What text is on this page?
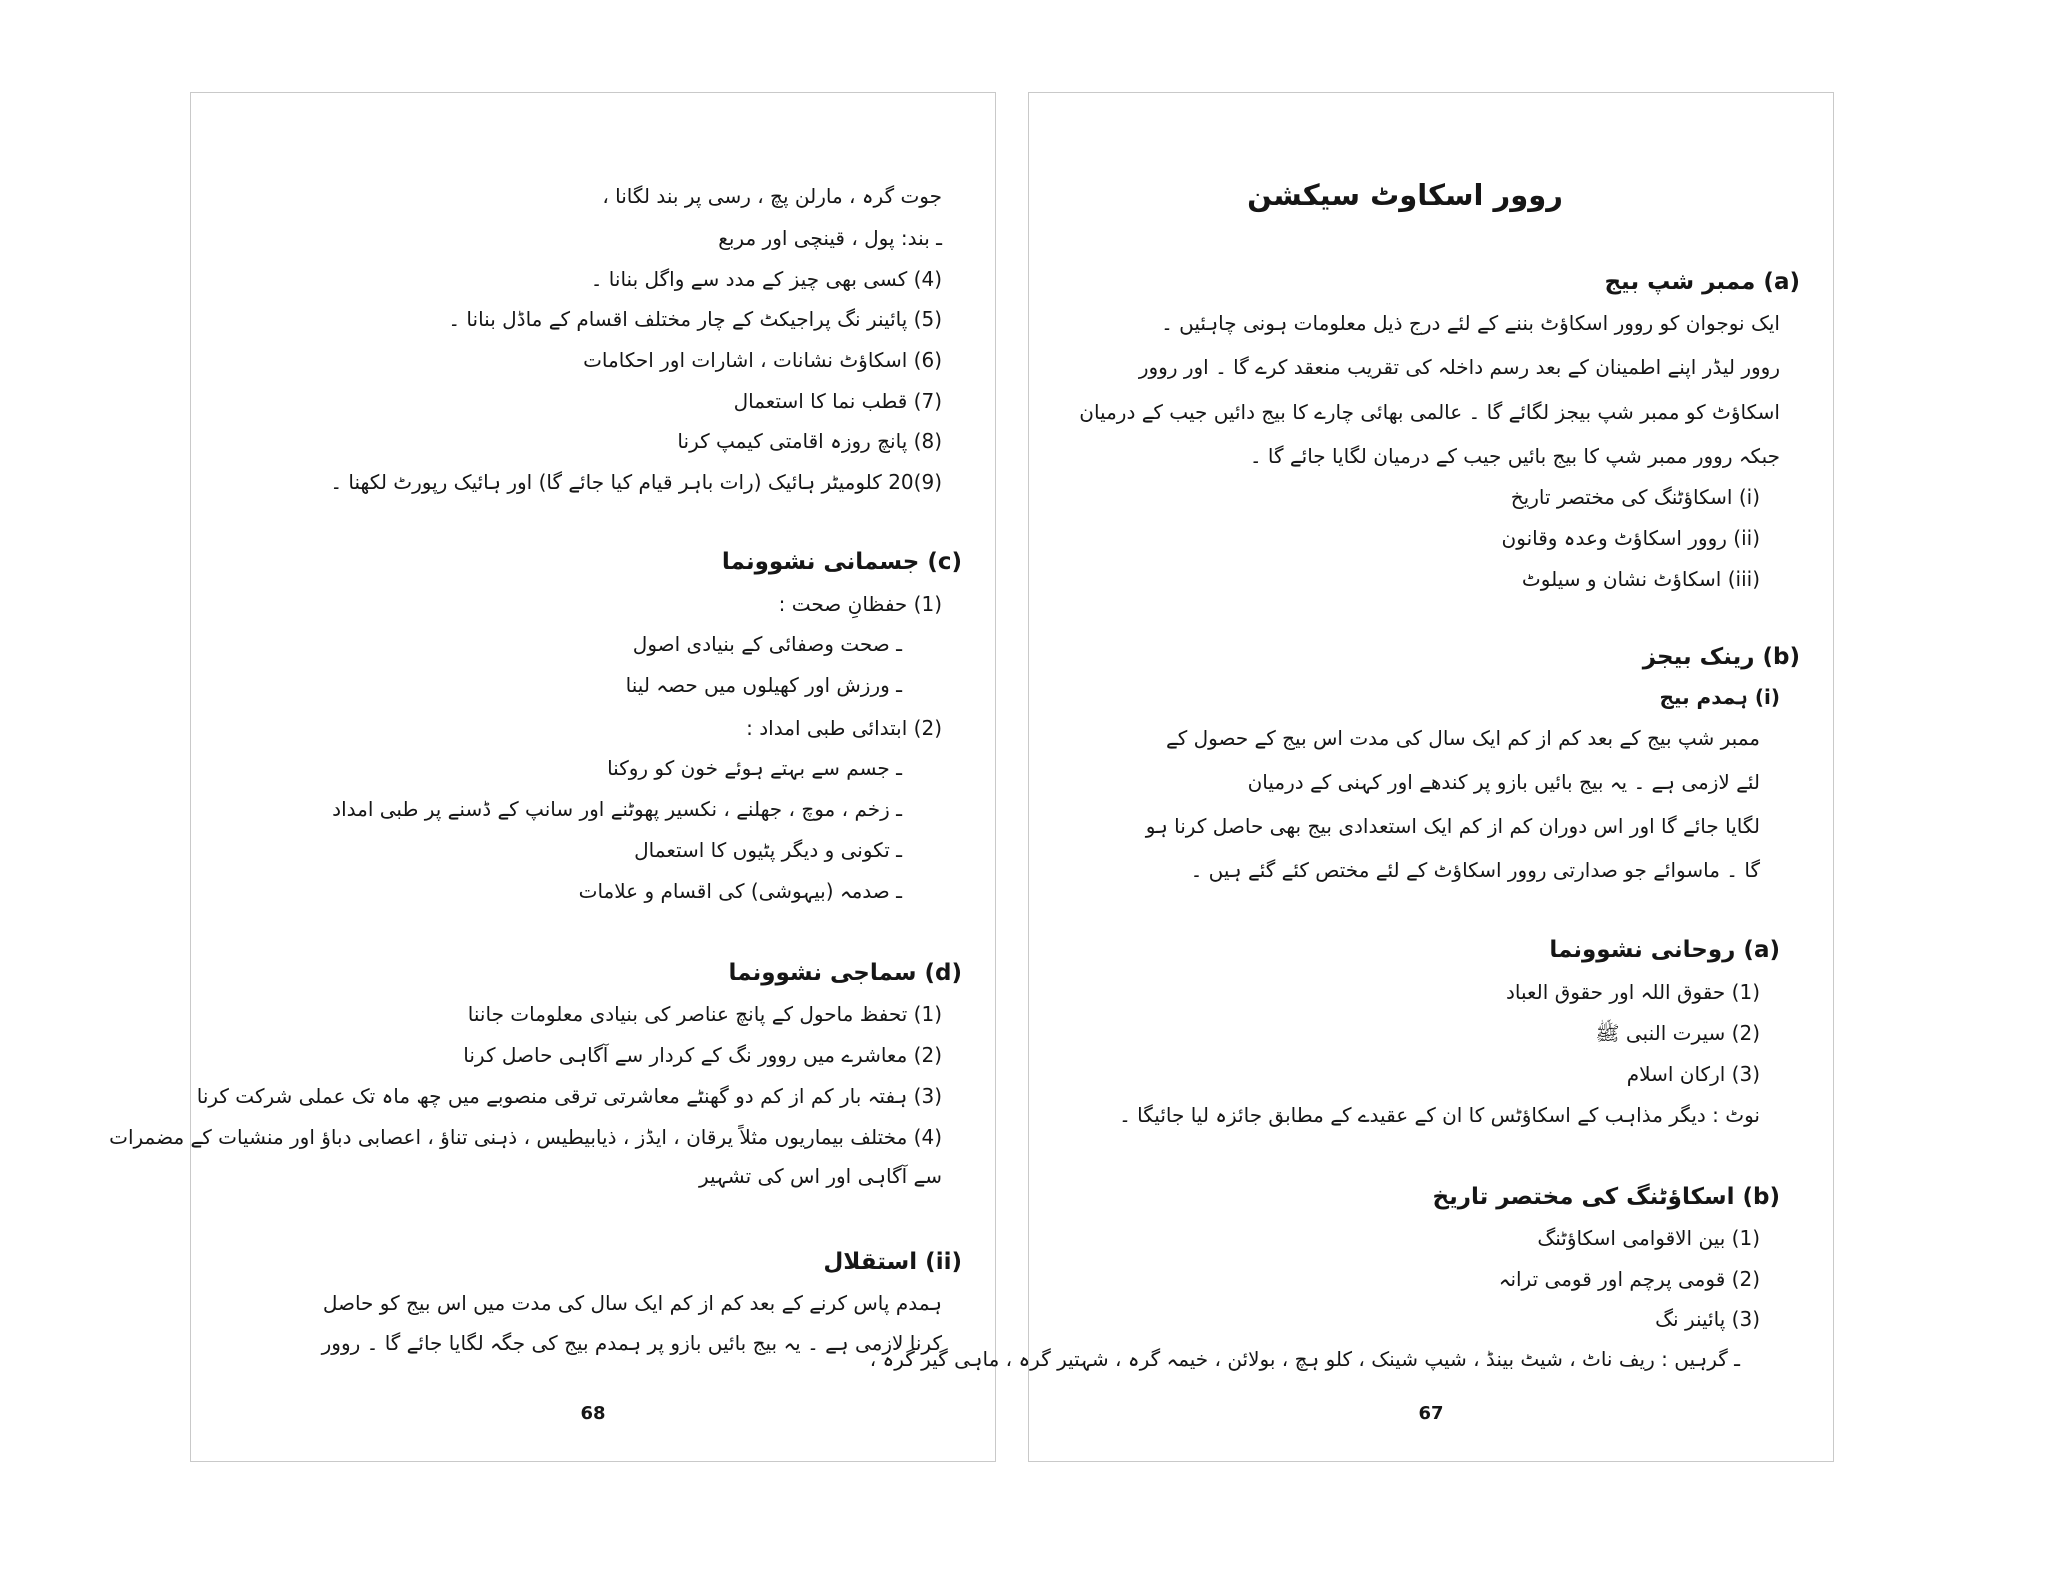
جوت گرہ ، مارلن پچ ، رسی پر بند لگانا ،
ـ بند: پول ، قینچی اور مربع
(4) کسی بھی چیز کے مدد سے واگل بنانا ۔
(5) پائینر نگ پراجیکٹ کے چار مختلف اقسام کے ماڈل بنانا ۔
(6) اسکاؤٹ نشانات ، اشارات اور احکامات
(7) قطب نما کا استعمال
(8) پانچ روزہ اقامتی کیمپ کرنا
(9)20 کلومیٹر ہائیک (رات باہر قیام کیا جائے گا) اور ہائیک رپورٹ لکھنا ۔
(c) جسمانی نشوونما
(1) حفظانِ صحت :
ـ صحت وصفائی کے بنیادی اصول
ـ ورزش اور کھیلوں میں حصہ لینا
(2) ابتدائی طبی امداد :
ـ جسم سے بہتے ہوئے خون کو روکنا
ـ زخم ، موچ ، جھلنے ، نکسیر پھوٹنے اور سانپ کے ڈسنے پر طبی امداد
ـ تکونی و دیگر پٹیوں کا استعمال
ـ صدمہ (بیہوشی) کی اقسام و علامات
(d) سماجی نشوونما
(1) تحفظ ماحول کے پانچ عناصر کی بنیادی معلومات جاننا
(2) معاشرے میں روور نگ کے کردار سے آگاہی حاصل کرنا
(3) ہفتہ بار کم از کم دو گھنٹے معاشرتی ترقی منصوبے میں چھ ماہ تک عملی شرکت کرنا
(4) مختلف بیماریوں مثلاً یرقان ، ایڈز ، ذیابیطیس ، ذہنی تناؤ ، اعصابی دباؤ اور منشیات کے مضمرات
سے آگاہی اور اس کی تشہیر
(ii) استقلال
ہمدم پاس کرنے کے بعد کم از کم ایک سال کی مدت میں اس بیج کو حاصل
کرنا لازمی ہے ۔ یہ بیج بائیں بازو پر ہمدم بیج کی جگہ لگایا جائے گا ۔ روور
68
روور اسکاوٹ سیکشن
(a) ممبر شپ بیج
ایک نوجوان کو روور اسکاؤٹ بننے کے لئے درج ذیل معلومات ہونی چاہئیں ۔
روور لیڈر اپنے اطمینان کے بعد رسم داخلہ کی تقریب منعقد کرے گا ۔ اور روور
اسکاؤٹ کو ممبر شپ بیجز لگائے گا ۔ عالمی بھائی چارے کا بیج دائیں جیب کے درمیان
جبکہ روور ممبر شپ کا بیج بائیں جیب کے درمیان لگایا جائے گا ۔
(i) اسکاؤٹنگ کی مختصر تاریخ
(ii) روور اسکاؤٹ وعدہ وقانون
(iii) اسکاؤٹ نشان و سیلوٹ
(b) رینک بیجز
(i) ہمدم بیج
ممبر شپ بیج کے بعد کم از کم ایک سال کی مدت اس بیج کے حصول کے
لئے لازمی ہے ۔ یہ بیج بائیں بازو پر کندھے اور کہنی کے درمیان
لگایا جائے گا اور اس دوران کم از کم ایک استعدادی بیج بھی حاصل کرنا ہو
گا ۔ ماسوائے جو صدارتی روور اسکاؤٹ کے لئے مختص کئے گئے ہیں ۔
(a) روحانی نشوونما
(1) حقوق اللہ اور حقوق العباد
(2) سیرت النبی ﷺ
(3) ارکان اسلام
نوٹ : دیگر مذاہب کے اسکاؤٹس کا ان کے عقیدے کے مطابق جائزہ لیا جائیگا ۔
(b) اسکاؤٹنگ کی مختصر تاریخ
(1) بین الاقوامی اسکاؤٹنگ
(2) قومی پرچم اور قومی ترانہ
(3) پائینر نگ
ـ گرہیں : ریف ناٹ ، شیٹ بینڈ ، شیپ شینک ، کلو ہچ ، بولائن ، خیمہ گرہ ، شہتیر گرہ ، ماہی گیر گرہ ،
67
